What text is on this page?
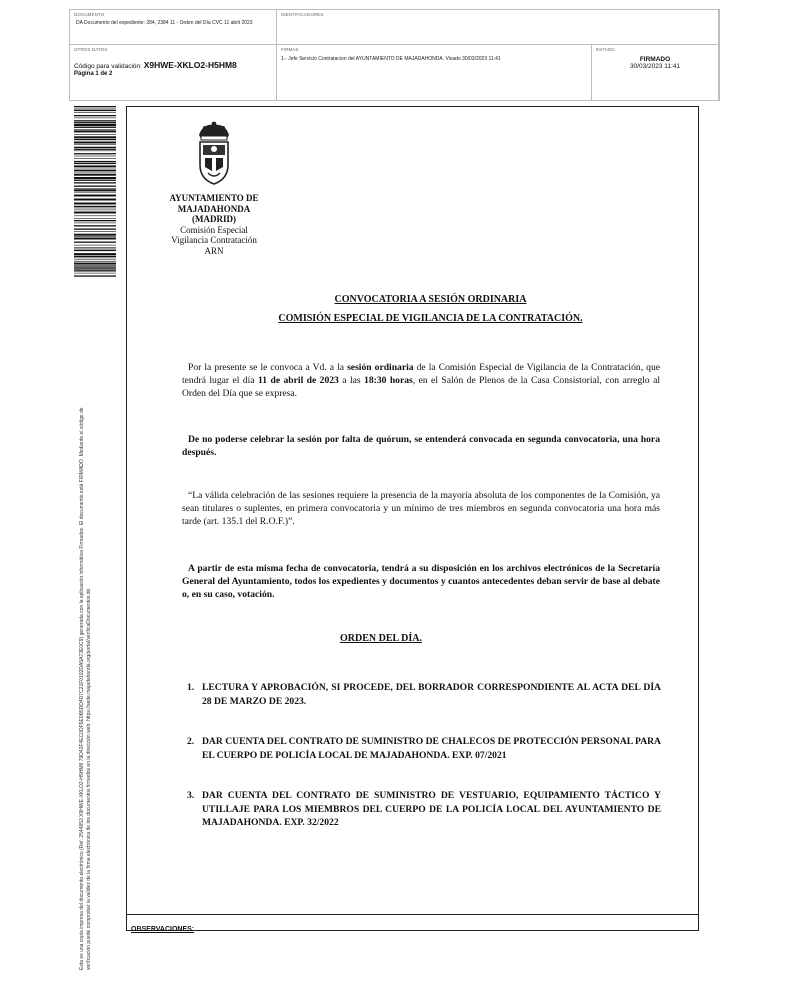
DOCUMENTO
DA Documento del expediente: 284, 2384 11 - Orden del Día CVC 11 abril 2023
IDENTIFICADORES
OTROS DATOS
Código para validación: X9HWE-XKLO2-H5HM8
Página 1 de 2
FIRMAS
1.- Jefe Servicio Contratacion del AYUNTAMIENTO DE MAJADAHONDA. Visado 30/03/2023 11:41
ESTADO
FIRMADO
30/03/2023 11:41
Esta es una copia impresa del documento electrónico (Ref: 2544853 X9HWE-XKLO2-H5HM8 79D42F4EC0DF5E0B5DD4D7C21F0192DA5A73E0C9) generada con la aplicación informática Firmadoc. El documento está FIRMADO. Mediante el código de verificación puede comprobar la validez de la firma electrónica de los documentos firmados en la dirección web: https://sede.majadahonda.org/portal/verificaDocumentos.do
AYUNTAMIENTO DE
MAJADAHONDA
(MADRID)
Comisión Especial
Vigilancia Contratación
ARN
CONVOCATORIA A SESIÓN ORDINARIA
COMISIÓN ESPECIAL DE VIGILANCIA DE LA CONTRATACIÓN.
Por la presente se le convoca a Vd. a la sesión ordinaria de la Comisión Especial de Vigilancia de la Contratación, que tendrá lugar el día 11 de abril de 2023 a las 18:30 horas, en el Salón de Plenos de la Casa Consistorial, con arreglo al Orden del Día que se expresa.
De no poderse celebrar la sesión por falta de quórum, se entenderá convocada en segunda convocatoria, una hora después.
“La válida celebración de las sesiones requiere la presencia de la mayoría absoluta de los componentes de la Comisión, ya sean titulares o suplentes, en primera convocatoria y un mínimo de tres miembros en segunda convocatoria una hora más tarde (art. 135.1 del R.O.F.)”.
A partir de esta misma fecha de convocatoria, tendrá a su disposición en los archivos electrónicos de la Secretaría General del Ayuntamiento, todos los expedientes y documentos y cuantos antecedentes deban servir de base al debate o, en su caso, votación.
ORDEN DEL DÍA.
1. LECTURA Y APROBACIÓN, SI PROCEDE, DEL BORRADOR CORRESPONDIENTE AL ACTA DEL DÍA 28 DE MARZO DE 2023.
2. DAR CUENTA DEL CONTRATO DE SUMINISTRO DE CHALECOS DE PROTECCIÓN PERSONAL PARA EL CUERPO DE POLICÍA LOCAL DE MAJADAHONDA. EXP. 07/2021
3. DAR CUENTA DEL CONTRATO DE SUMINISTRO DE VESTUARIO, EQUIPAMIENTO TÁCTICO Y UTILLAJE PARA LOS MIEMBROS DEL CUERPO DE LA POLICÍA LOCAL DEL AYUNTAMIENTO DE MAJADAHONDA. EXP. 32/2022
OBSERVACIONES:
